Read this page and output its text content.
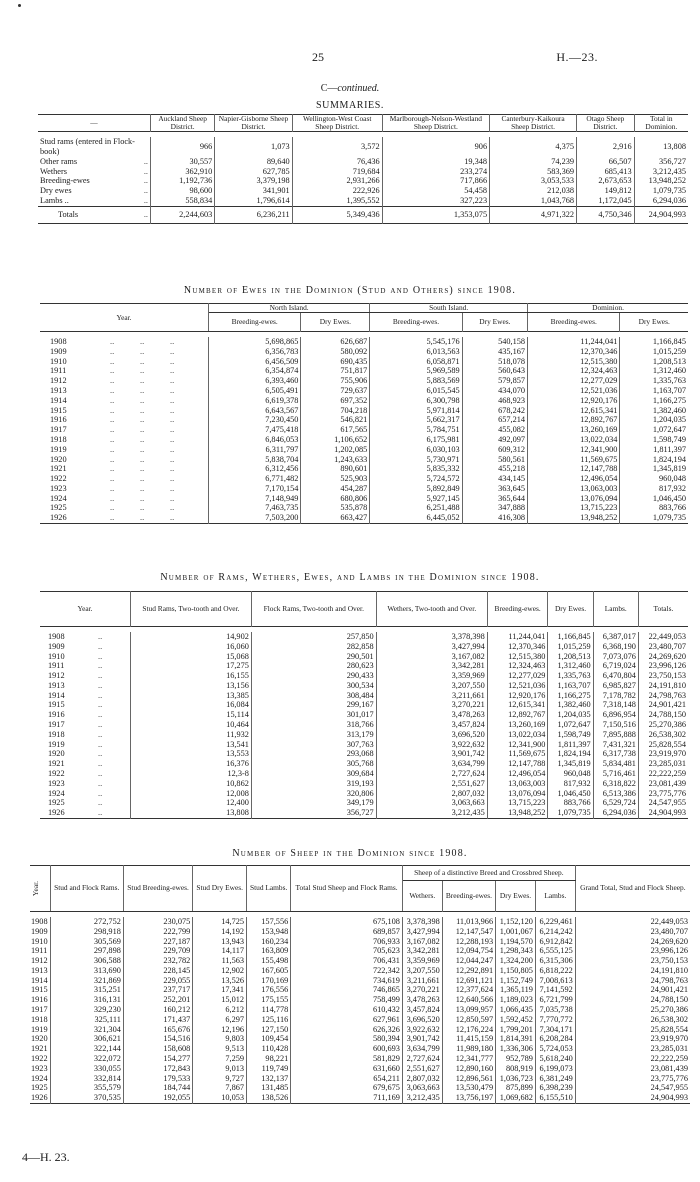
25	H.—23.
C—continued.
SUMMARIES.
—	Auckland Sheep District.	Napier-Gisborne Sheep District.	Wellington-West Coast Sheep District.	Marlborough-Nelson-Westland Sheep District.	Canterbury-Kaikoura Sheep District.	Otago Sheep District.	Total in Dominion.

Stud rams (entered in Flock-book)	966	1,073	3,572	906	4,375	2,916	13,808
Other rams ..	30,557	89,640	76,436	19,348	74,239	66,507	356,727
Wethers ..	362,910	627,785	719,684	233,274	583,369	685,413	3,212,435
Breeding-ewes ..	1,192,736	3,379,198	2,931,266	717,866	3,053,533	2,673,653	13,948,252
Dry ewes ..	98,600	341,901	222,926	54,458	212,038	149,812	1,079,735
Lambs .. ..	558,834	1,796,614	1,395,552	327,223	1,043,768	1,172,045	6,294,036
Totals ..	2,244,603	6,236,211	5,349,436	1,353,075	4,971,322	4,750,346	24,904,993
Number of Ewes in the Dominion (Stud and Others) since 1908.
Year.	North Island.		South Island.		Dominion.	
	Breeding-ewes.	Dry Ewes.	Breeding-ewes.	Dry Ewes.	Breeding-ewes.	Dry Ewes.

1908 .. .. ..	5,698,865	626,687	5,545,176	540,158	11,244,041	1,166,845
1909 .. .. ..	6,356,783	580,092	6,013,563	435,167	12,370,346	1,015,259
1910 .. .. ..	6,456,509	690,435	6,058,871	518,078	12,515,380	1,208,513
1911 .. .. ..	6,354,874	751,817	5,969,589	560,643	12,324,463	1,312,460
1912 .. .. ..	6,393,460	755,906	5,883,569	579,857	12,277,029	1,335,763
1913 .. .. ..	6,505,491	729,637	6,015,545	434,070	12,521,036	1,163,707
1914 .. .. ..	6,619,378	697,352	6,300,798	468,923	12,920,176	1,166,275
1915 .. .. ..	6,643,567	704,218	5,971,814	678,242	12,615,341	1,382,460
1916 .. .. ..	7,230,450	546,821	5,662,317	657,214	12,892,767	1,204,035
1917 .. .. ..	7,475,418	617,565	5,784,751	455,082	13,260,169	1,072,647
1918 .. .. ..	6,846,053	1,106,652	6,175,981	492,097	13,022,034	1,598,749
1919 .. .. ..	6,311,797	1,202,085	6,030,103	609,312	12,341,900	1,811,397
1920 .. .. ..	5,838,704	1,243,633	5,730,971	580,561	11,569,675	1,824,194
1921 .. .. ..	6,312,456	890,601	5,835,332	455,218	12,147,788	1,345,819
1922 .. .. ..	6,771,482	525,903	5,724,572	434,145	12,496,054	960,048
1923 .. .. ..	7,170,154	454,287	5,892,849	363,645	13,063,003	817,932
1924 .. .. ..	7,148,949	680,806	5,927,145	365,644	13,076,094	1,046,450
1925 .. .. ..	7,463,735	535,878	6,251,488	347,888	13,715,223	883,766
1926 .. .. ..	7,503,200	663,427	6,445,052	416,308	13,948,252	1,079,735
Number of Rams, Wethers, Ewes, and Lambs in the Dominion since 1908.
Year.	Stud Rams, Two-tooth and Over.	Flock Rams, Two-tooth and Over.	Wethers, Two-tooth and Over.	Breeding-ewes.	Dry Ewes.	Lambs.	Totals.

1908 ..	14,902	257,850	3,378,398	11,244,041	1,166,845	6,387,017	22,449,053
1909 ..	16,060	282,858	3,427,994	12,370,346	1,015,259	6,368,190	23,480,707
1910 ..	15,068	290,501	3,167,082	12,515,380	1,208,513	7,073,076	24,269,620
1911 ..	17,275	280,623	3,342,281	12,324,463	1,312,460	6,719,024	23,996,126
1912 ..	16,155	290,433	3,359,969	12,277,029	1,335,763	6,470,804	23,750,153
1913 ..	13,156	300,534	3,207,550	12,521,036	1,163,707	6,985,827	24,191,810
1914 ..	13,385	308,484	3,211,661	12,920,176	1,166,275	7,178,782	24,798,763
1915 ..	16,084	299,167	3,270,221	12,615,341	1,382,460	7,318,148	24,901,421
1916 ..	15,114	301,017	3,478,263	12,892,767	1,204,035	6,896,954	24,788,150
1917 ..	10,464	318,766	3,457,824	13,260,169	1,072,647	7,150,516	25,270,386
1918 ..	11,932	313,179	3,696,520	13,022,034	1,598,749	7,895,888	26,538,302
1919 ..	13,541	307,763	3,922,632	12,341,900	1,811,397	7,431,321	25,828,554
1920 ..	13,553	293,068	3,901,742	11,569,675	1,824,194	6,317,738	23,919,970
1921 ..	16,376	305,768	3,634,799	12,147,788	1,345,819	5,834,481	23,285,031
1922 ..	12,3-8	309,684	2,727,624	12,496,054	960,048	5,716,461	22,222,259
1923 ..	10,862	319,193	2,551,627	13,063,003	817,932	6,318,822	23,081,439
1924 ..	12,008	320,806	2,807,032	13,076,094	1,046,450	6,513,386	23,775,776
1925 ..	12,400	349,179	3,063,663	13,715,223	883,766	6,529,724	24,547,955
1926 ..	13,808	356,727	3,212,435	13,948,252	1,079,735	6,294,036	24,904,993
Number of Sheep in the Dominion since 1908.
Year.	Stud and Flock Rams.	Stud Breeding-ewes.	Stud Dry Ewes.	Stud Lambs.	Total Stud Sheep and Flock Rams.	Sheep of a distinctive Breed and Crossbred Sheep.				Grand Total, Stud and Flock Sheep.
						Wethers.	Breeding-ewes.	Dry Ewes.	Lambs.	

1908	272,752	230,075	14,725	157,556	675,108	3,378,398	11,013,966	1,152,120	6,229,461	22,449,053
1909	298,918	222,799	14,192	153,948	689,857	3,427,994	12,147,547	1,001,067	6,214,242	23,480,707
1910	305,569	227,187	13,943	160,234	706,933	3,167,082	12,288,193	1,194,570	6,912,842	24,269,620
1911	297,898	229,709	14,117	163,809	705,623	3,342,281	12,094,754	1,298,343	6,555,125	23,996,126
1912	306,588	232,782	11,563	155,498	706,431	3,359,969	12,044,247	1,324,200	6,315,306	23,750,153
1913	313,690	228,145	12,902	167,605	722,342	3,207,550	12,292,891	1,150,805	6,818,222	24,191,810
1914	321,869	229,055	13,526	170,169	734,619	3,211,661	12,691,121	1,152,749	7,008,613	24,798,763
1915	315,251	237,717	17,341	176,556	746,865	3,270,221	12,377,624	1,365,119	7,141,592	24,901,421
1916	316,131	252,201	15,012	175,155	758,499	3,478,263	12,640,566	1,189,023	6,721,799	24,788,150
1917	329,230	160,212	6,212	114,778	610,432	3,457,824	13,099,957	1,066,435	7,035,738	25,270,386
1918	325,111	171,437	6,297	125,116	627,961	3,696,520	12,850,597	1,592,452	7,770,772	26,538,302
1919	321,304	165,676	12,196	127,150	626,326	3,922,632	12,176,224	1,799,201	7,304,171	25,828,554
1920	306,621	154,516	9,803	109,454	580,394	3,901,742	11,415,159	1,814,391	6,208,284	23,919,970
1921	322,144	158,608	9,513	110,428	600,693	3,634,799	11,989,180	1,336,306	5,724,053	23,285,031
1922	322,072	154,277	7,259	98,221	581,829	2,727,624	12,341,777	952,789	5,618,240	22,222,259
1923	330,055	172,843	9,013	119,749	631,660	2,551,627	12,890,160	808,919	6,199,073	23,081,439
1924	332,814	179,533	9,727	132,137	654,211	2,807,032	12,896,561	1,036,723	6,381,249	23,775,776
1925	355,579	184,744	7,867	131,485	679,675	3,063,663	13,530,479	875,899	6,398,239	24,547,955
1926	370,535	192,055	10,053	138,526	711,169	3,212,435	13,756,197	1,069,682	6,155,510	24,904,993
4—H. 23.
